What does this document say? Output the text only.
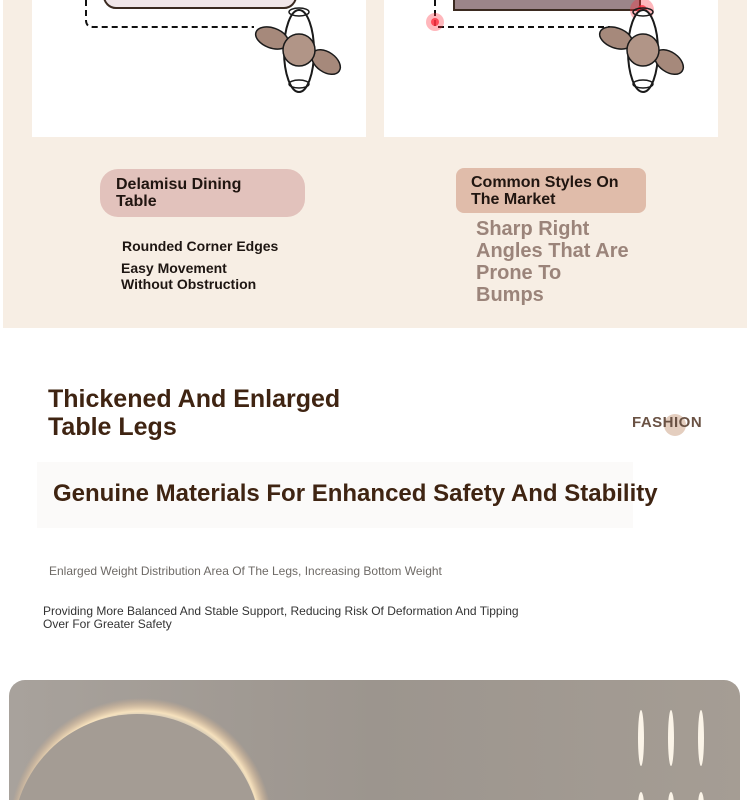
Delamisu Dining
Table
Common Styles On
The Market
Rounded Corner Edges
Easy Movement
Without Obstruction
Sharp Right
Angles That Are
Prone To
Bumps
Thickened And Enlarged
Table Legs	FASHION
Genuine Materials For Enhanced Safety And Stability
Enlarged Weight Distribution Area Of The Legs, Increasing Bottom Weight
Providing More Balanced And Stable Support, Reducing Risk Of Deformation And Tipping Over For Greater Safety
